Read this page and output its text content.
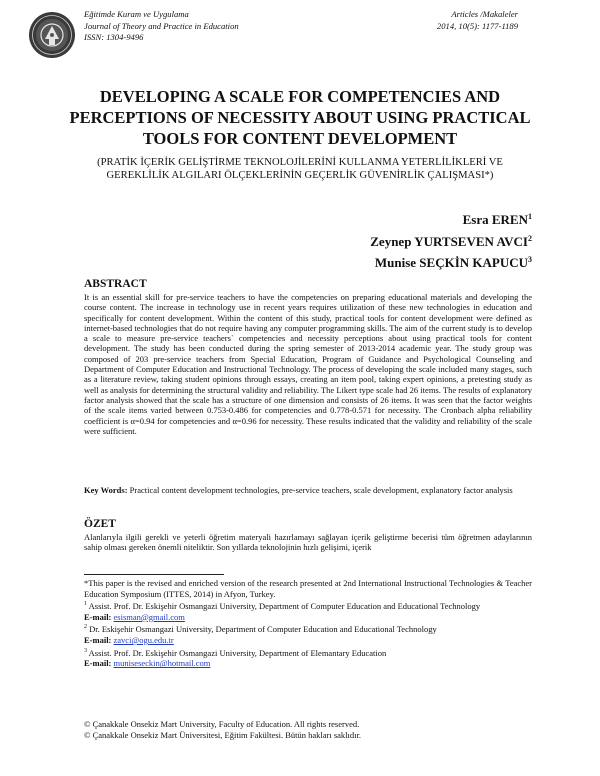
Eğitimde Kuram ve Uygulama
Journal of Theory and Practice in Education
ISSN: 1304-9496
Articles /Makaleler
2014, 10(5): 1177-1189
DEVELOPING A SCALE FOR COMPETENCIES AND PERCEPTIONS OF NECESSITY ABOUT USING PRACTICAL TOOLS FOR CONTENT DEVELOPMENT
(PRATİK İÇERİK GELİŞTİRME TEKNOLOJİLERİNİ KULLANMA YETERLİLİKLERİ VE GEREKLİLİK ALGILARI ÖLÇEKLERİNİN GEÇERLİK GÜVENİRLİK ÇALIŞMASI*)
Esra EREN$^1$
Zeynep YURTSEVEN AVCI$^2$
Munise SEÇKİN KAPUCU$^3$
ABSTRACT

It is an essential skill for pre-service teachers to have the competencies on preparing educational materials and developing the course content. The increase in technology use in recent years requires utilization of these new technologies in education and specifically for content development. Within the content of this study, practical tools for content development were defined as internet-based technologies that do not require having any computer programming skills. The aim of the current study is to develop a scale to measure pre-service teachers` competencies and necessity perceptions about using practical tools for content development. The study has been conducted during the spring semester of 2013-2014 academic year. The study group was composed of 203 pre-service teachers from Special Education, Program of Guidance and Psychological Counseling and Department of Computer Education and Instructional Technology. The process of developing the scale included many stages, such as a literature review, taking student opinions through essays, creating an item pool, taking expert opinions, a pretesting study as well as analysis for determining the structural validity and reliability. The Likert type scale had 26 items. The results of explanatory factor analysis showed that the scale has a structure of one dimension and consists of 26 items. It was seen that the factor weights of the scale items varied between 0.753-0.486 for competencies and 0.778-0.571 for necessity. The Cronbach alpha reliability coefficient is α=0.94 for competencies and α=0.96 for necessity. These results indicated that the validity and reliability of the scale were sufficient.

Key Words: Practical content development technologies, pre-service teachers, scale development, explanatory factor analysis

ÖZET

Alanlarıyla ilgili gerekli ve yeterli öğretim materyali hazırlamayı sağlayan içerik geliştirme becerisi tüm öğretmen adaylarının sahip olması gereken önemli niteliktir. Son yıllarda teknolojinin hızlı gelişimi, içerik

*This paper is the revised and enriched version of the research presented at 2nd International Instructional Technologies & Teacher Education Symposium (ITTES, 2014) in Afyon, Turkey.

$^1$ Assist. Prof. Dr. Eskişehir Osmangazi University, Department of Computer Education and Educational Technology

E-mail: esisman@gmail.com

$^2$ Dr. Eskişehir Osmangazi University, Department of Computer Education and Educational Technology

E-mail: zavci@ogu.edu.tr

$^3$ Assist. Prof. Dr. Eskişehir Osmangazi University, Department of Elemantary Education

E-mail: muniseseckin@hotmail.com

© Çanakkale Onsekiz Mart University, Faculty of Education. All rights reserved.

© Çanakkale Onsekiz Mart Üniversitesi, Eğitim Fakültesi. Bütün hakları saklıdır.
